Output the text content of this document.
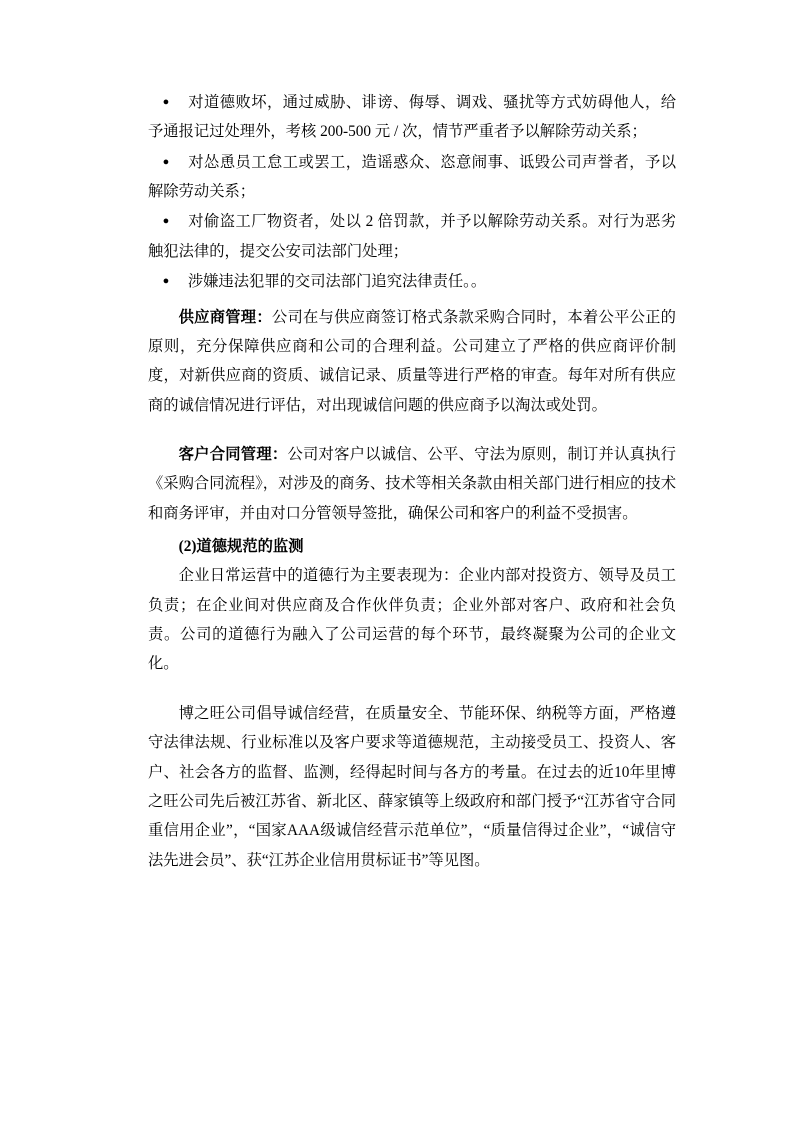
● 对道德败坏，通过威胁、诽谤、侮辱、调戏、骚扰等方式妨碍他人，给予通报记过处理外，考核 200-500 元 / 次，情节严重者予以解除劳动关系；
● 对怂恿员工怠工或罢工，造谣惑众、恣意闹事、诋毁公司声誉者，予以解除劳动关系；
● 对偷盗工厂物资者，处以 2 倍罚款，并予以解除劳动关系。对行为恶劣触犯法律的，提交公安司法部门处理；
● 涉嫌违法犯罪的交司法部门追究法律责任。。

供应商管理：公司在与供应商签订格式条款采购合同时，本着公平公正的原则，充分保障供应商和公司的合理利益。公司建立了严格的供应商评价制度，对新供应商的资质、诚信记录、质量等进行严格的审查。每年对所有供应商的诚信情况进行评估，对出现诚信问题的供应商予以淘汰或处罚。

客户合同管理：公司对客户以诚信、公平、守法为原则，制订并认真执行《采购合同流程》，对涉及的商务、技术等相关条款由相关部门进行相应的技术和商务评审，并由对口分管领导签批，确保公司和客户的利益不受损害。

(2)道德规范的监测

企业日常运营中的道德行为主要表现为：企业内部对投资方、领导及员工负责；在企业间对供应商及合作伙伴负责；企业外部对客户、政府和社会负责。公司的道德行为融入了公司运营的每个环节，最终凝聚为公司的企业文化。

博之旺公司倡导诚信经营，在质量安全、节能环保、纳税等方面，严格遵守法律法规、行业标准以及客户要求等道德规范，主动接受员工、投资人、客户、社会各方的监督、监测，经得起时间与各方的考量。在过去的近10年里博之旺公司先后被江苏省、新北区、薛家镇等上级政府和部门授予“江苏省守合同重信用企业”，“国家AAA级诚信经营示范单位”，“质量信得过企业”，“诚信守法先进会员”、获“江苏企业信用贯标证书”等见图。
